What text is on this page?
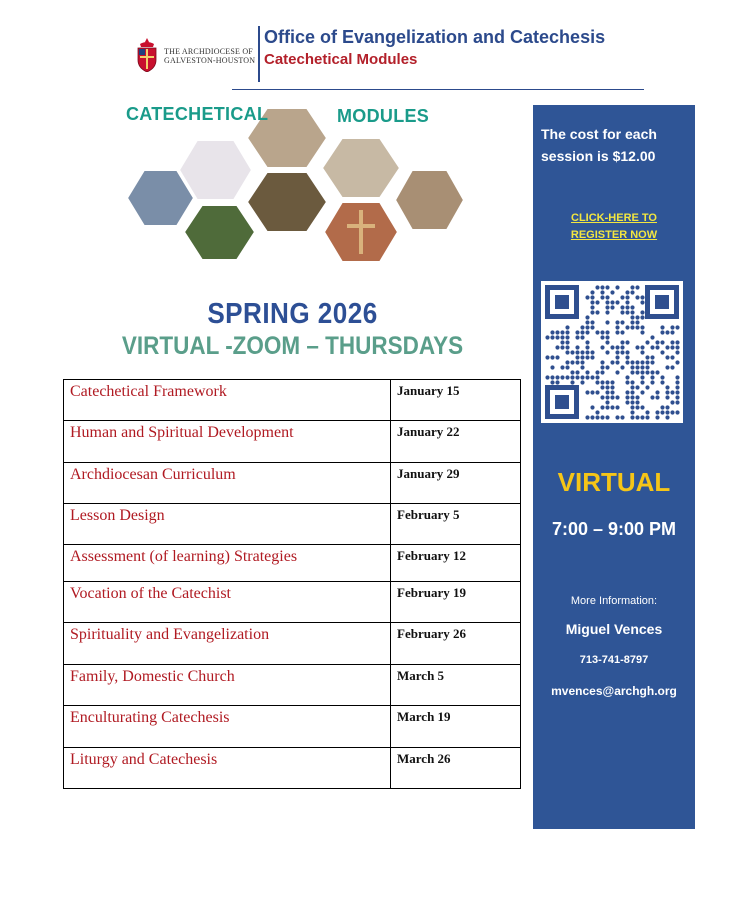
THE ARCHDIOCESE OF
GALVESTON-HOUSTON
Office of Evangelization and Catechesis
Catechetical Modules
CATECHETICAL	MODULES
SPRING 2026
VIRTUAL -ZOOM – THURSDAYS
Catechetical Framework	January 15
Human and Spiritual Development	January 22
Archdiocesan Curriculum	January 29
Lesson Design	February 5
Assessment (of learning) Strategies	February 12
Vocation of the Catechist	February 19
Spirituality and Evangelization	February 26
Family, Domestic Church	March 5
Enculturating Catechesis	March 19
Liturgy and Catechesis	March 26
The cost for each
session is $12.00
CLICK-HERE TO
REGISTER NOW
VIRTUAL
7:00 – 9:00 PM
More Information:
Miguel Vences
713-741-8797
mvences@archgh.org
